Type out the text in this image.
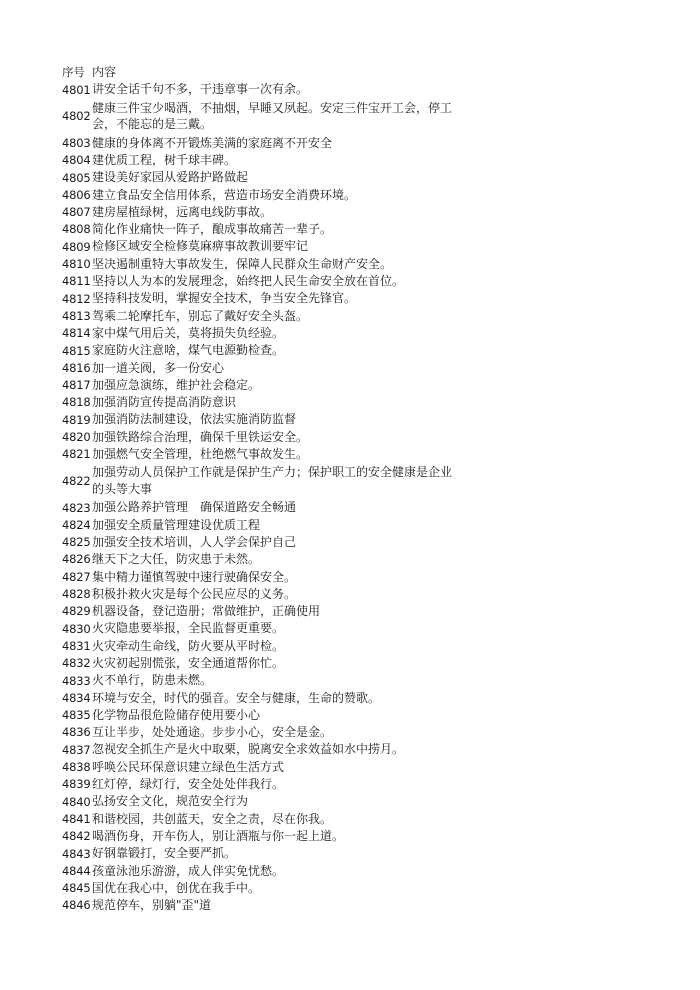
序号 内容
4801 讲安全话千句不多，干违章事一次有余。
4802
健康三件宝少喝酒，不抽烟，早睡又夙起。安定三件宝开工会，停工会，不能忘的是三戴。
4803 健康的身体离不开锻炼美满的家庭离不开安全
4804 建优质工程，树千球丰碑。
4805 建设美好家园从爱路护路做起
4806 建立食品安全信用体系，营造市场安全消费环境。
4807 建房屋植绿树，远离电线防事故。
4808 简化作业痛快一阵子，酿成事故痛苦一辈子。
4809 检修区域安全检修莫麻痹事故教训要牢记
4810 坚决遏制重特大事故发生，保障人民群众生命财产安全。
4811 坚持以人为本的发展理念，始终把人民生命安全放在首位。
4812 坚持科技发明，掌握安全技术，争当安全先锋官。
4813 驾乘二轮摩托车，别忘了戴好安全头盔。
4814 家中煤气用后关，莫将损失负经验。
4815 家庭防火注意啥，煤气电源勤检查。
4816 加一道关阀，多一份安心
4817 加强应急演练，维护社会稳定。
4818 加强消防宣传提高消防意识
4819 加强消防法制建设，依法实施消防监督
4820 加强铁路综合治理，确保千里铁运安全。
4821 加强燃气安全管理，杜绝燃气事故发生。
4822
加强劳动人员保护工作就是保护生产力；保护职工的安全健康是企业的头等大事
4823 加强公路养护管理　确保道路安全畅通
4824 加强安全质量管理建设优质工程
4825 加强安全技术培训，人人学会保护自己
4826 继天下之大任，防灾患于未然。
4827 集中精力谨慎驾驶中速行驶确保安全。
4828 积极扑救火灾是每个公民应尽的义务。
4829 机器设备，登记造册；常做维护，正确使用
4830 火灾隐患要举报，全民监督更重要。
4831 火灾牵动生命线，防火要从平时检。
4832 火灾初起别慌张，安全通道帮你忙。
4833 火不单行，防患未燃。
4834 环境与安全，时代的强音。安全与健康，生命的赞歌。
4835 化学物品很危险储存使用要小心
4836 互让半步，处处通途。步步小心，安全是金。
4837 忽视安全抓生产是火中取栗，脱离安全求效益如水中捞月。
4838 呼唤公民环保意识建立绿色生活方式
4839 红灯停，绿灯行，安全处处伴我行。
4840 弘扬安全文化，规范安全行为
4841 和谐校园，共创蓝天，安全之责，尽在你我。
4842 喝酒伤身，开车伤人，别让酒瓶与你一起上道。
4843 好钢靠锻打，安全要严抓。
4844 孩童泳池乐游游，成人伴实免忧愁。
4845 国优在我心中，创优在我手中。
4846 规范停车，别躺"歪"道
